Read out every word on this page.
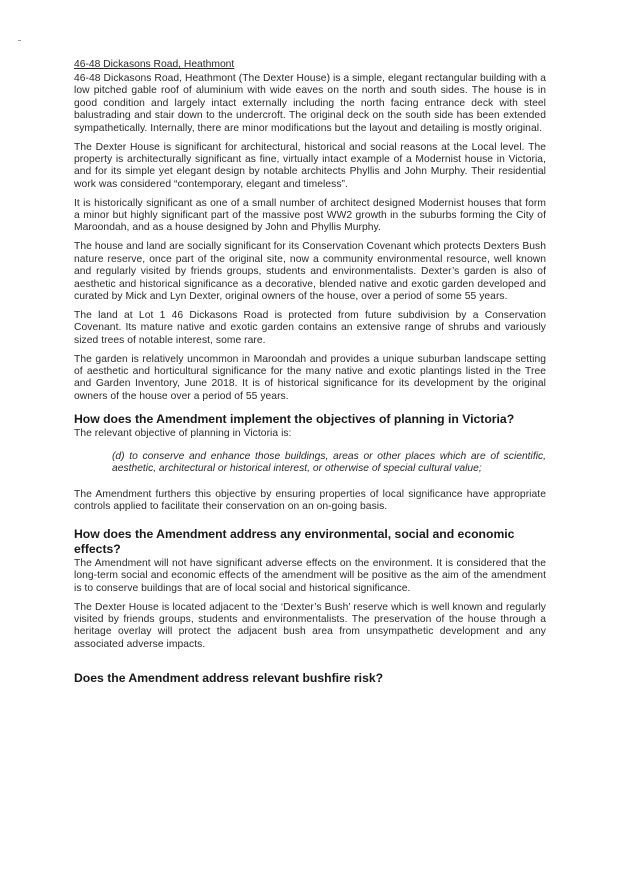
46-48 Dickasons Road, Heathmont

46-48 Dickasons Road, Heathmont (The Dexter House) is a simple, elegant rectangular building with a low pitched gable roof of aluminium with wide eaves on the north and south sides. The house is in good condition and largely intact externally including the north facing entrance deck with steel balustrading and stair down to the undercroft. The original deck on the south side has been extended sympathetically. Internally, there are minor modifications but the layout and detailing is mostly original.

The Dexter House is significant for architectural, historical and social reasons at the Local level. The property is architecturally significant as fine, virtually intact example of a Modernist house in Victoria, and for its simple yet elegant design by notable architects Phyllis and John Murphy. Their residential work was considered “contemporary, elegant and timeless”.

It is historically significant as one of a small number of architect designed Modernist houses that form a minor but highly significant part of the massive post WW2 growth in the suburbs forming the City of Maroondah, and as a house designed by John and Phyllis Murphy.

The house and land are socially significant for its Conservation Covenant which protects Dexters Bush nature reserve, once part of the original site, now a community environmental resource, well known and regularly visited by friends groups, students and environmentalists. Dexter’s garden is also of aesthetic and historical significance as a decorative, blended native and exotic garden developed and curated by Mick and Lyn Dexter, original owners of the house, over a period of some 55 years.

The land at Lot 1 46 Dickasons Road is protected from future subdivision by a Conservation Covenant. Its mature native and exotic garden contains an extensive range of shrubs and variously sized trees of notable interest, some rare.

The garden is relatively uncommon in Maroondah and provides a unique suburban landscape setting of aesthetic and horticultural significance for the many native and exotic plantings listed in the Tree and Garden Inventory, June 2018. It is of historical significance for its development by the original owners of the house over a period of 55 years.

How does the Amendment implement the objectives of planning in Victoria?

The relevant objective of planning in Victoria is:

(d) to conserve and enhance those buildings, areas or other places which are of scientific, aesthetic, architectural or historical interest, or otherwise of special cultural value;

The Amendment furthers this objective by ensuring properties of local significance have appropriate controls applied to facilitate their conservation on an on-going basis.

How does the Amendment address any environmental, social and economic effects?

The Amendment will not have significant adverse effects on the environment. It is considered that the long-term social and economic effects of the amendment will be positive as the aim of the amendment is to conserve buildings that are of local social and historical significance.

The Dexter House is located adjacent to the ‘Dexter’s Bush’ reserve which is well known and regularly visited by friends groups, students and environmentalists. The preservation of the house through a heritage overlay will protect the adjacent bush area from unsympathetic development and any associated adverse impacts.

Does the Amendment address relevant bushfire risk?
